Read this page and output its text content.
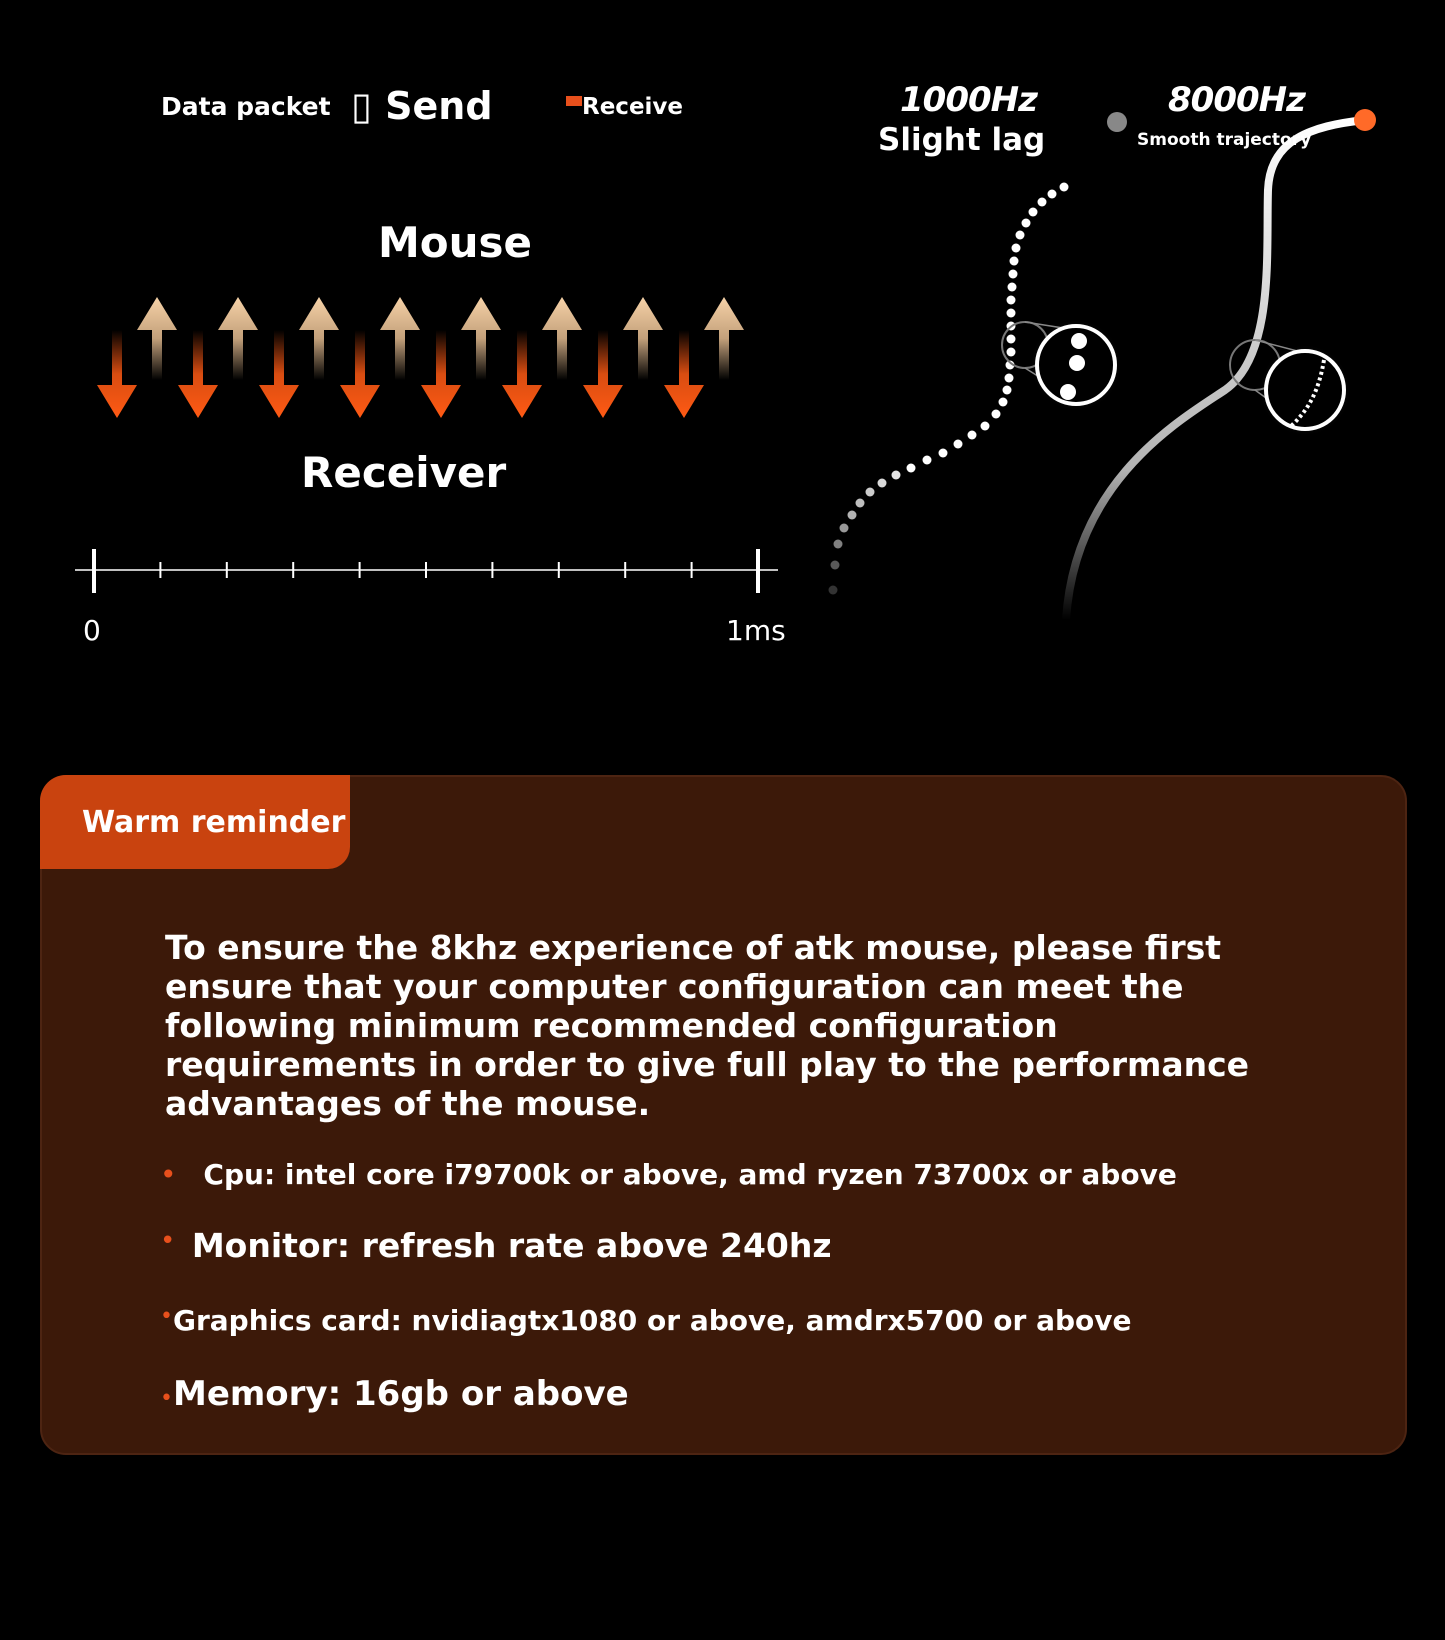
Data packet ▯ Send	Receive
Mouse
Receiver
0	1ms
1000Hz
Slight lag
8000Hz
Smooth trajectory
Warm reminder
To ensure the 8khz experience of atk mouse, please first ensure that your computer configuration can meet the following minimum recommended configuration requirements in order to give full play to the performance advantages of the mouse.
• Cpu: intel core i79700k or above, amd ryzen 73700x or above
• Monitor: refresh rate above 240hz
•Graphics card: nvidiagtx1080 or above, amdrx5700 or above
•Memory: 16gb or above
